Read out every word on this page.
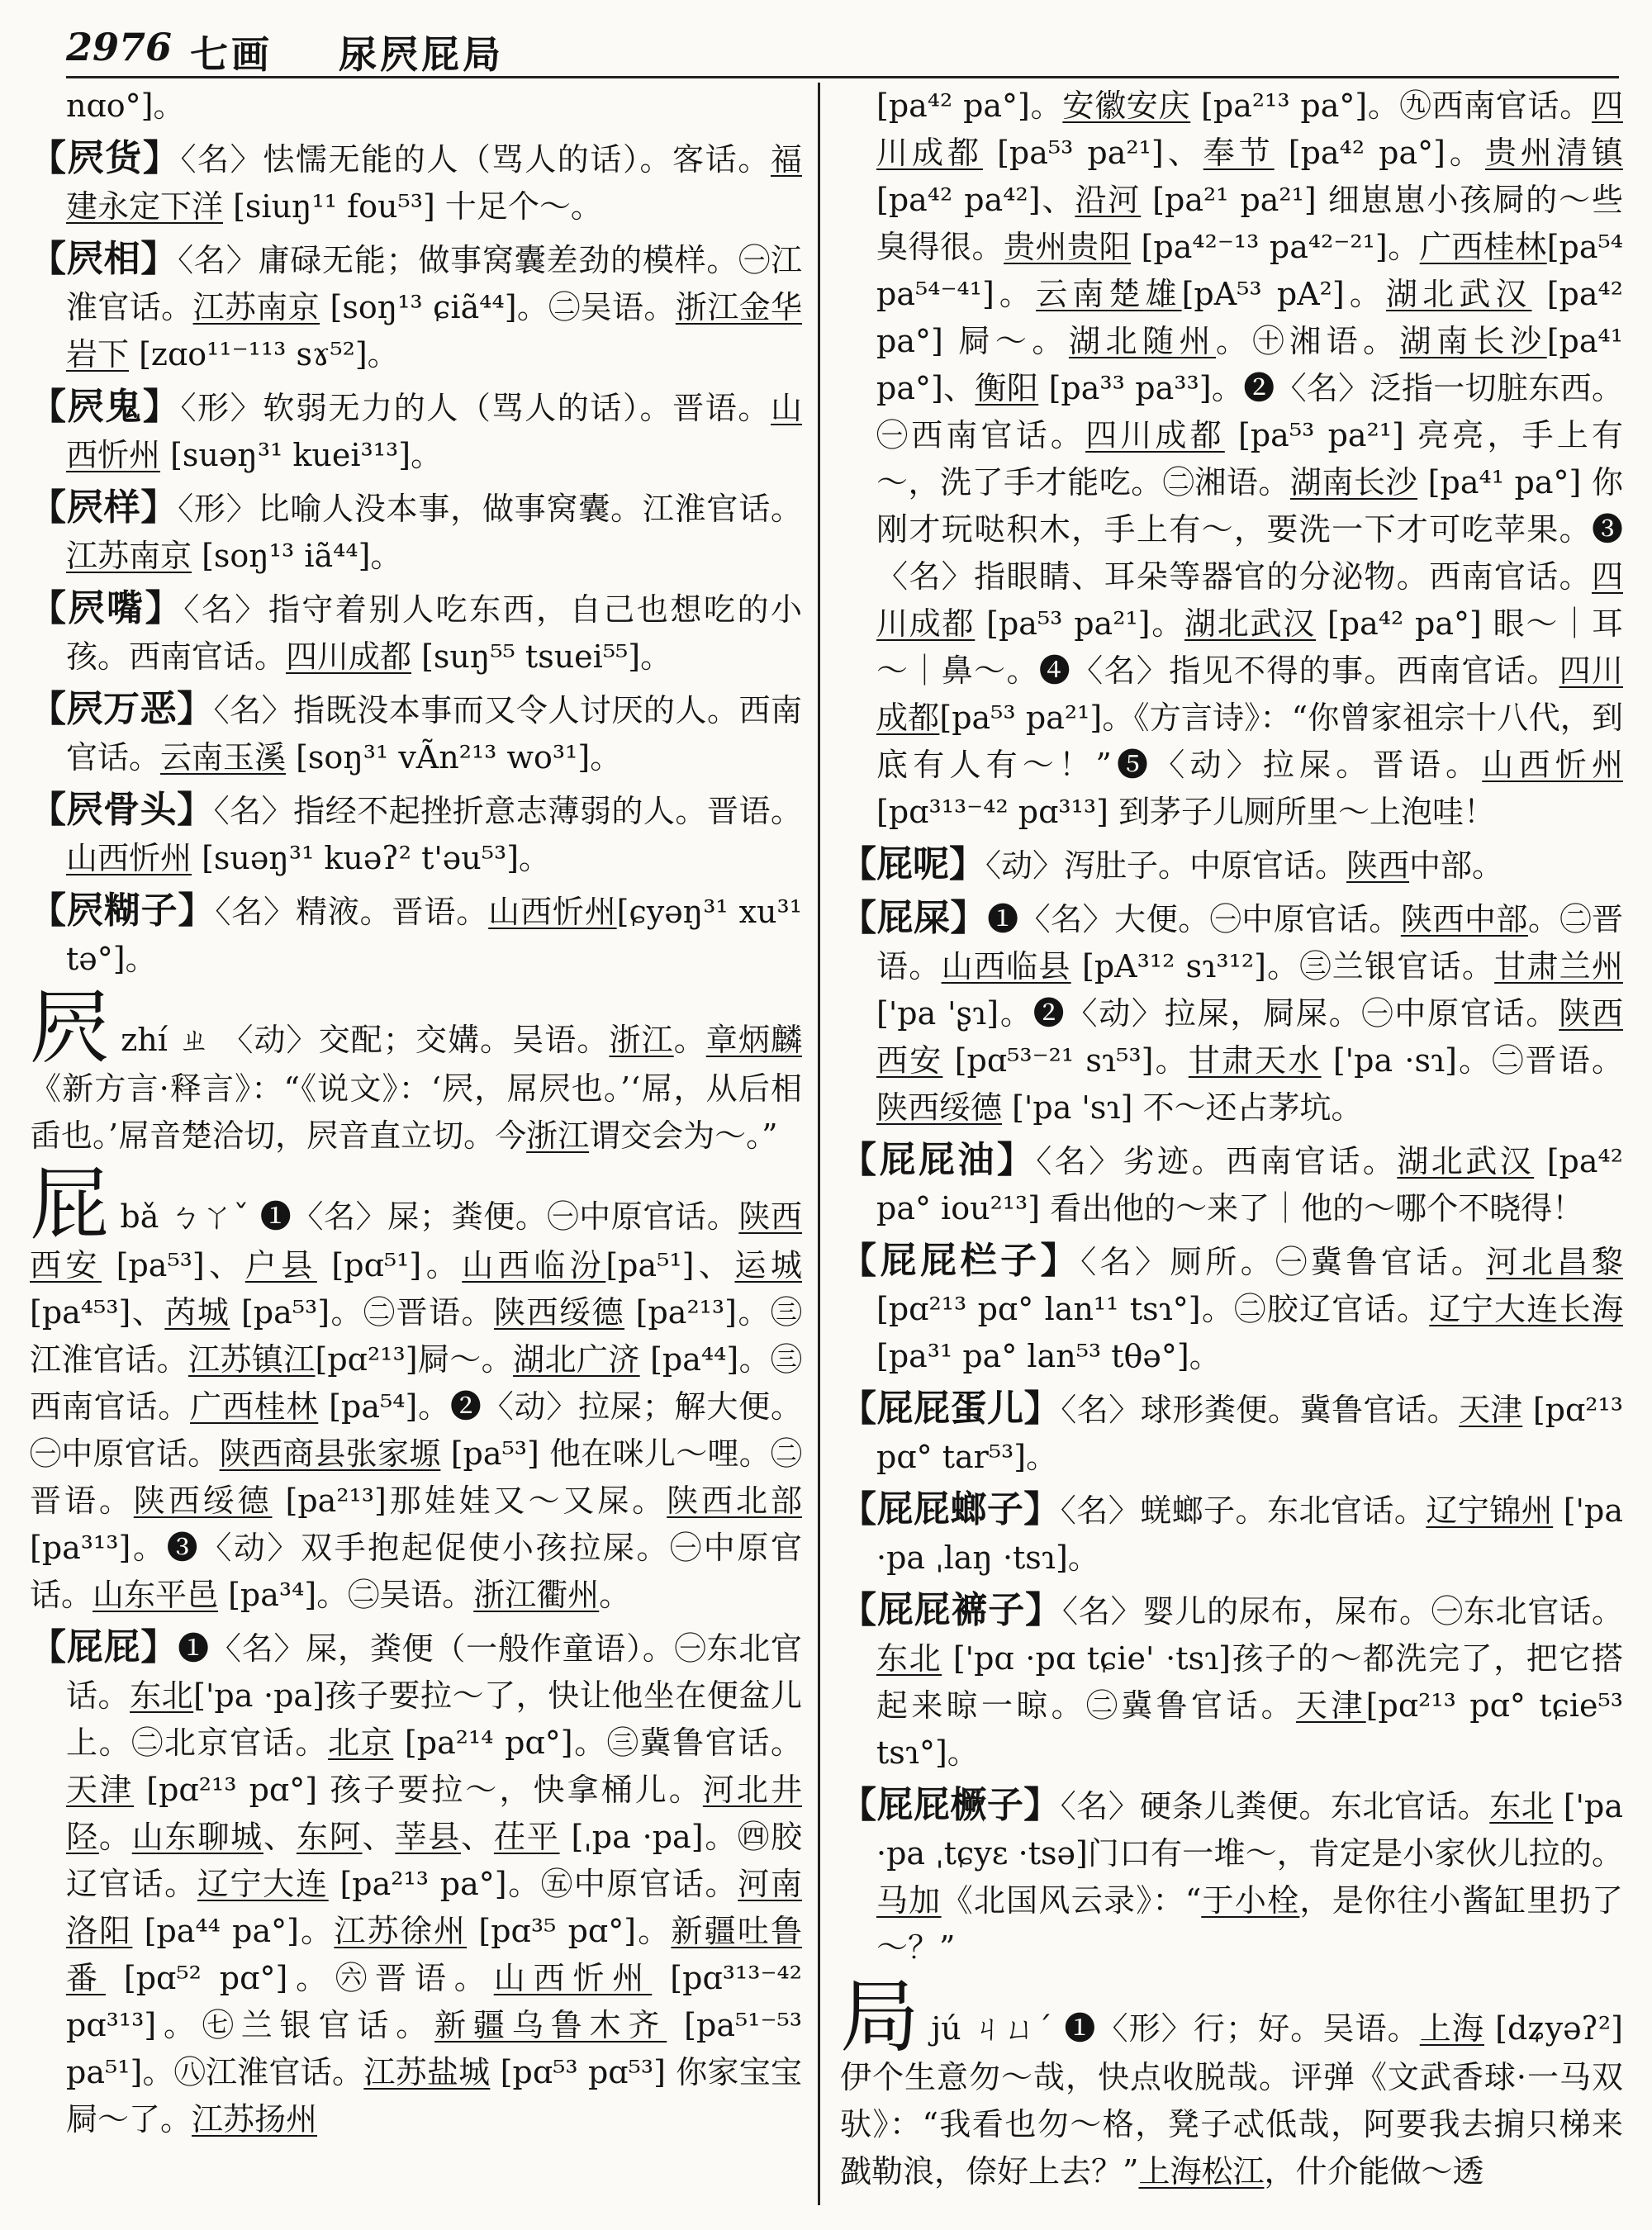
2976 七画 尿屄屁局

nɑo°]。

【屄货】〈名〉怯懦无能的人（骂人的话）。客话。福建永定下洋 [siuŋ¹¹ fou⁵³] 十足个～。

【屄相】〈名〉庸碌无能；做事窝囊差劲的模样。㊀江淮官话。江苏南京 [soŋ¹³ ɕiã⁴⁴]。㊁吴语。浙江金华岩下 [zɑo¹¹⁻¹¹³ sɤ⁵²]。

【屄鬼】〈形〉软弱无力的人（骂人的话）。晋语。山西忻州 [suəŋ³¹ kuei³¹³]。

【屄样】〈形〉比喻人没本事，做事窝囊。江淮官话。江苏南京 [soŋ¹³ iã⁴⁴]。

【屄嘴】〈名〉指守着别人吃东西，自己也想吃的小孩。西南官话。四川成都 [suŋ⁵⁵ tsuei⁵⁵]。

【屄万恶】〈名〉指既没本事而又令人讨厌的人。西南官话。云南玉溪 [soŋ³¹ vÃn²¹³ wo³¹]。

【屄骨头】〈名〉指经不起挫折意志薄弱的人。晋语。山西忻州 [suəŋ³¹ kuəʔ² t'əu⁵³]。

【屄糊子】〈名〉精液。晋语。山西忻州[ɕyəŋ³¹ xu³¹ tə°]。

屄 zhí ㄓ 〈动〉交配；交媾。吴语。浙江。章炳麟《新方言·释言》：“《说文》：‘屄，屌屄也。’‘屌，从后相臿也。’屌音楚洽切，屄音直立切。今浙江谓交会为～。”

屁 bǎ ㄅㄚˇ ❶〈名〉屎；粪便。㊀中原官话。陕西西安 [pa⁵³]、户县 [pɑ⁵¹]。山西临汾[pa⁵¹]、运城 [pa⁴⁵³]、芮城 [pa⁵³]。㊁晋语。陕西绥德 [pa²¹³]。㊂江淮官话。江苏镇江[pɑ²¹³]屙～。湖北广济 [pa⁴⁴]。㊂西南官话。广西桂林 [pa⁵⁴]。❷〈动〉拉屎；解大便。㊀中原官话。陕西商县张家塬 [pa⁵³] 他在咪儿～哩。㊁晋语。陕西绥德 [pa²¹³]那娃娃又～又屎。陕西北部 [pa³¹³]。❸〈动〉双手抱起促使小孩拉屎。㊀中原官话。山东平邑 [pa³⁴]。㊁吴语。浙江衢州。

【屁屁】❶〈名〉屎，粪便（一般作童语）。㊀东北官话。东北['pa ·pa]孩子要拉～了，快让他坐在便盆儿上。㊁北京官话。北京 [pa²¹⁴ pɑ°]。㊂冀鲁官话。天津 [pɑ²¹³ pɑ°] 孩子要拉～，快拿桶儿。河北井陉。山东聊城、东阿、莘县、茌平 [ˌpa ·pa]。㊃胶辽官话。辽宁大连 [pa²¹³ pa°]。㊄中原官话。河南洛阳 [pa⁴⁴ pa°]。江苏徐州 [pɑ³⁵ pɑ°]。新疆吐鲁番 [pɑ⁵² pɑ°]。㊅晋语。山西忻州 [pɑ³¹³⁻⁴² pɑ³¹³]。㊆兰银官话。新疆乌鲁木齐 [pa⁵¹⁻⁵³ pa⁵¹]。㊇江淮官话。江苏盐城 [pɑ⁵³ pɑ⁵³] 你家宝宝屙～了。江苏扬州

[pa⁴² pa°]。安徽安庆 [pa²¹³ pa°]。㊈西南官话。四川成都 [pa⁵³ pa²¹]、奉节 [pa⁴² pa°]。贵州清镇 [pa⁴² pa⁴²]、沿河 [pa²¹ pa²¹] 细崽崽小孩屙的～些臭得很。贵州贵阳 [pa⁴²⁻¹³ pa⁴²⁻²¹]。广西桂林[pa⁵⁴ pa⁵⁴⁻⁴¹]。云南楚雄[pA⁵³ pA²]。湖北武汉 [pa⁴² pa°] 屙～。湖北随州。㊉湘语。湖南长沙[pa⁴¹ pa°]、衡阳 [pa³³ pa³³]。❷〈名〉泛指一切脏东西。㊀西南官话。四川成都 [pa⁵³ pa²¹] 亮亮，手上有～，洗了手才能吃。㊁湘语。湖南长沙 [pa⁴¹ pa°] 你刚才玩哒积木，手上有～，要洗一下才可吃苹果。❸〈名〉指眼睛、耳朵等器官的分泌物。西南官话。四川成都 [pa⁵³ pa²¹]。湖北武汉 [pa⁴² pa°] 眼～｜耳～｜鼻～。❹〈名〉指见不得的事。西南官话。四川成都[pa⁵³ pa²¹]。《方言诗》：“你曾家祖宗十八代，到底有人有～！”❺〈动〉拉屎。晋语。山西忻州 [pɑ³¹³⁻⁴² pɑ³¹³] 到茅子儿厕所里～上泡哇！

【屁呢】〈动〉泻肚子。中原官话。陕西中部。

【屁屎】❶〈名〉大便。㊀中原官话。陕西中部。㊁晋语。山西临县 [pA³¹² sɿ³¹²]。㊂兰银官话。甘肃兰州 ['pa 'ʂɿ]。❷〈动〉拉屎，屙屎。㊀中原官话。陕西西安 [pɑ⁵³⁻²¹ sɿ⁵³]。甘肃天水 ['pa ·sɿ]。㊁晋语。陕西绥德 ['pa 'sɿ] 不～还占茅坑。

【屁屁油】〈名〉劣迹。西南官话。湖北武汉 [pa⁴² pa° iou²¹³] 看出他的～来了｜他的～哪个不晓得！

【屁屁栏子】〈名〉厕所。㊀冀鲁官话。河北昌黎 [pɑ²¹³ pɑ° lan¹¹ tsɿ°]。㊁胶辽官话。辽宁大连长海 [pa³¹ pa° lan⁵³ tθə°]。

【屁屁蛋儿】〈名〉球形粪便。冀鲁官话。天津 [pɑ²¹³ pɑ° tar⁵³]。

【屁屁螂子】〈名〉蜣螂子。东北官话。辽宁锦州 ['pa ·pa ˌlaŋ ·tsɿ]。

【屁屁褯子】〈名〉婴儿的尿布，屎布。㊀东北官话。东北 ['pɑ ·pɑ tɕie' ·tsɿ]孩子的～都洗完了，把它搭起来晾一晾。㊁冀鲁官话。天津[pɑ²¹³ pɑ° tɕie⁵³ tsɿ°]。

【屁屁橛子】〈名〉硬条儿粪便。东北官话。东北 ['pa ·pa ˌtɕyɛ ·tsə]门口有一堆～，肯定是小家伙儿拉的。马加《北国风云录》：“于小栓，是你往小酱缸里扔了～？”

局 jú ㄐㄩˊ ❶〈形〉行；好。吴语。上海 [dʑyəʔ²] 伊个生意勿～哉，快点收脱哉。评弹《文武香球·一马双驮》：“我看也勿～格，凳子忒低哉，阿要我去掮只梯来戤勒浪，倷好上去？”上海松江，什介能做～透
